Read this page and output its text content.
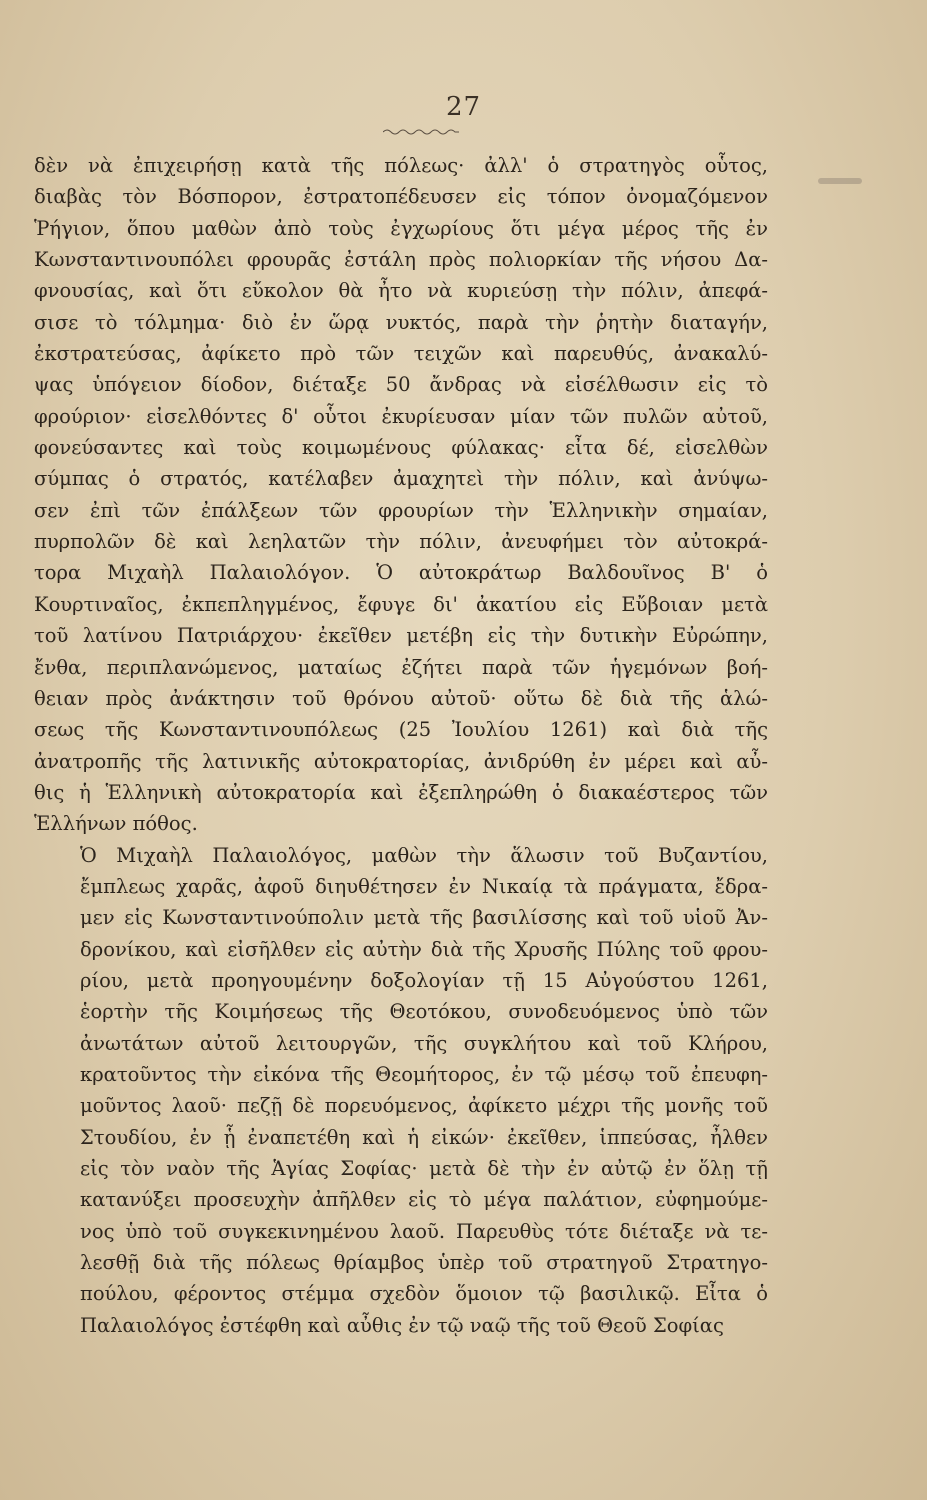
27

δὲν νὰ ἐπιχειρήσῃ κατὰ τῆς πόλεως· ἀλλ' ὁ στρατηγὸς οὗτος,
διαβὰς τὸν Βόσπορον, ἐστρατοπέδευσεν εἰς τόπον ὀνομαζόμενον
Ῥήγιον, ὅπου μαθὼν ἀπὸ τοὺς ἐγχωρίους ὅτι μέγα μέρος τῆς ἐν
Κωνσταντινουπόλει φρουρᾶς ἐστάλη πρὸς πολιορκίαν τῆς νήσου Δα-
φνουσίας, καὶ ὅτι εὔκολον θὰ ἦτο νὰ κυριεύσῃ τὴν πόλιν, ἀπεφά-
σισε τὸ τόλμημα· διὸ ἐν ὥρᾳ νυκτός, παρὰ τὴν ῥητὴν διαταγήν,
ἐκστρατεύσας, ἀφίκετο πρὸ τῶν τειχῶν καὶ παρευθύς, ἀνακαλύ-
ψας ὑπόγειον δίοδον, διέταξε 50 ἄνδρας νὰ εἰσέλθωσιν εἰς τὸ
φρούριον· εἰσελθόντες δ' οὗτοι ἐκυρίευσαν μίαν τῶν πυλῶν αὐτοῦ,
φονεύσαντες καὶ τοὺς κοιμωμένους φύλακας· εἶτα δέ, εἰσελθὼν
σύμπας ὁ στρατός, κατέλαβεν ἀμαχητεὶ τὴν πόλιν, καὶ ἀνύψω-
σεν ἐπὶ τῶν ἐπάλξεων τῶν φρουρίων τὴν Ἑλληνικὴν σημαίαν,
πυρπολῶν δὲ καὶ λεηλατῶν τὴν πόλιν, ἀνευφήμει τὸν αὐτοκρά-
τορα Μιχαὴλ Παλαιολόγον. Ὁ αὐτοκράτωρ Βαλδουῖνος Β' ὁ
Κουρτιναῖος, ἐκπεπληγμένος, ἔφυγε δι' ἀκατίου εἰς Εὔβοιαν μετὰ
τοῦ λατίνου Πατριάρχου· ἐκεῖθεν μετέβη εἰς τὴν δυτικὴν Εὐρώπην,
ἔνθα, περιπλανώμενος, ματαίως ἐζήτει παρὰ τῶν ἡγεμόνων βοή-
θειαν πρὸς ἀνάκτησιν τοῦ θρόνου αὐτοῦ· οὕτω δὲ διὰ τῆς ἁλώ-
σεως τῆς Κωνσταντινουπόλεως (25 Ἰουλίου 1261) καὶ διὰ τῆς
ἀνατροπῆς τῆς λατινικῆς αὐτοκρατορίας, ἀνιδρύθη ἐν μέρει καὶ αὖ-
θις ἡ Ἑλληνικὴ αὐτοκρατορία καὶ ἐξεπληρώθη ὁ διακαέστερος τῶν
Ἑλλήνων πόθος.

Ὁ Μιχαὴλ Παλαιολόγος, μαθὼν τὴν ἅλωσιν τοῦ Βυζαντίου,
ἔμπλεως χαρᾶς, ἀφοῦ διηυθέτησεν ἐν Νικαίᾳ τὰ πράγματα, ἔδρα-
μεν εἰς Κωνσταντινούπολιν μετὰ τῆς βασιλίσσης καὶ τοῦ υἱοῦ Ἀν-
δρονίκου, καὶ εἰσῆλθεν εἰς αὐτὴν διὰ τῆς Χρυσῆς Πύλης τοῦ φρου-
ρίου, μετὰ προηγουμένην δοξολογίαν τῇ 15 Αὐγούστου 1261,
ἑορτὴν τῆς Κοιμήσεως τῆς Θεοτόκου, συνοδευόμενος ὑπὸ τῶν
ἀνωτάτων αὐτοῦ λειτουργῶν, τῆς συγκλήτου καὶ τοῦ Κλήρου,
κρατοῦντος τὴν εἰκόνα τῆς Θεομήτορος, ἐν τῷ μέσῳ τοῦ ἐπευφη-
μοῦντος λαοῦ· πεζῇ δὲ πορευόμενος, ἀφίκετο μέχρι τῆς μονῆς τοῦ
Στουδίου, ἐν ᾗ ἐναπετέθη καὶ ἡ εἰκών· ἐκεῖθεν, ἱππεύσας, ἦλθεν
εἰς τὸν ναὸν τῆς Ἁγίας Σοφίας· μετὰ δὲ τὴν ἐν αὐτῷ ἐν ὅλῃ τῇ
κατανύξει προσευχὴν ἀπῆλθεν εἰς τὸ μέγα παλάτιον, εὐφημούμε-
νος ὑπὸ τοῦ συγκεκινημένου λαοῦ. Παρευθὺς τότε διέταξε νὰ τε-
λεσθῇ διὰ τῆς πόλεως θρίαμβος ὑπὲρ τοῦ στρατηγοῦ Στρατηγο-
πούλου, φέροντος στέμμα σχεδὸν ὅμοιον τῷ βασιλικῷ. Εἶτα ὁ
Παλαιολόγος ἐστέφθη καὶ αὖθις ἐν τῷ ναῷ τῆς τοῦ Θεοῦ Σοφίας
